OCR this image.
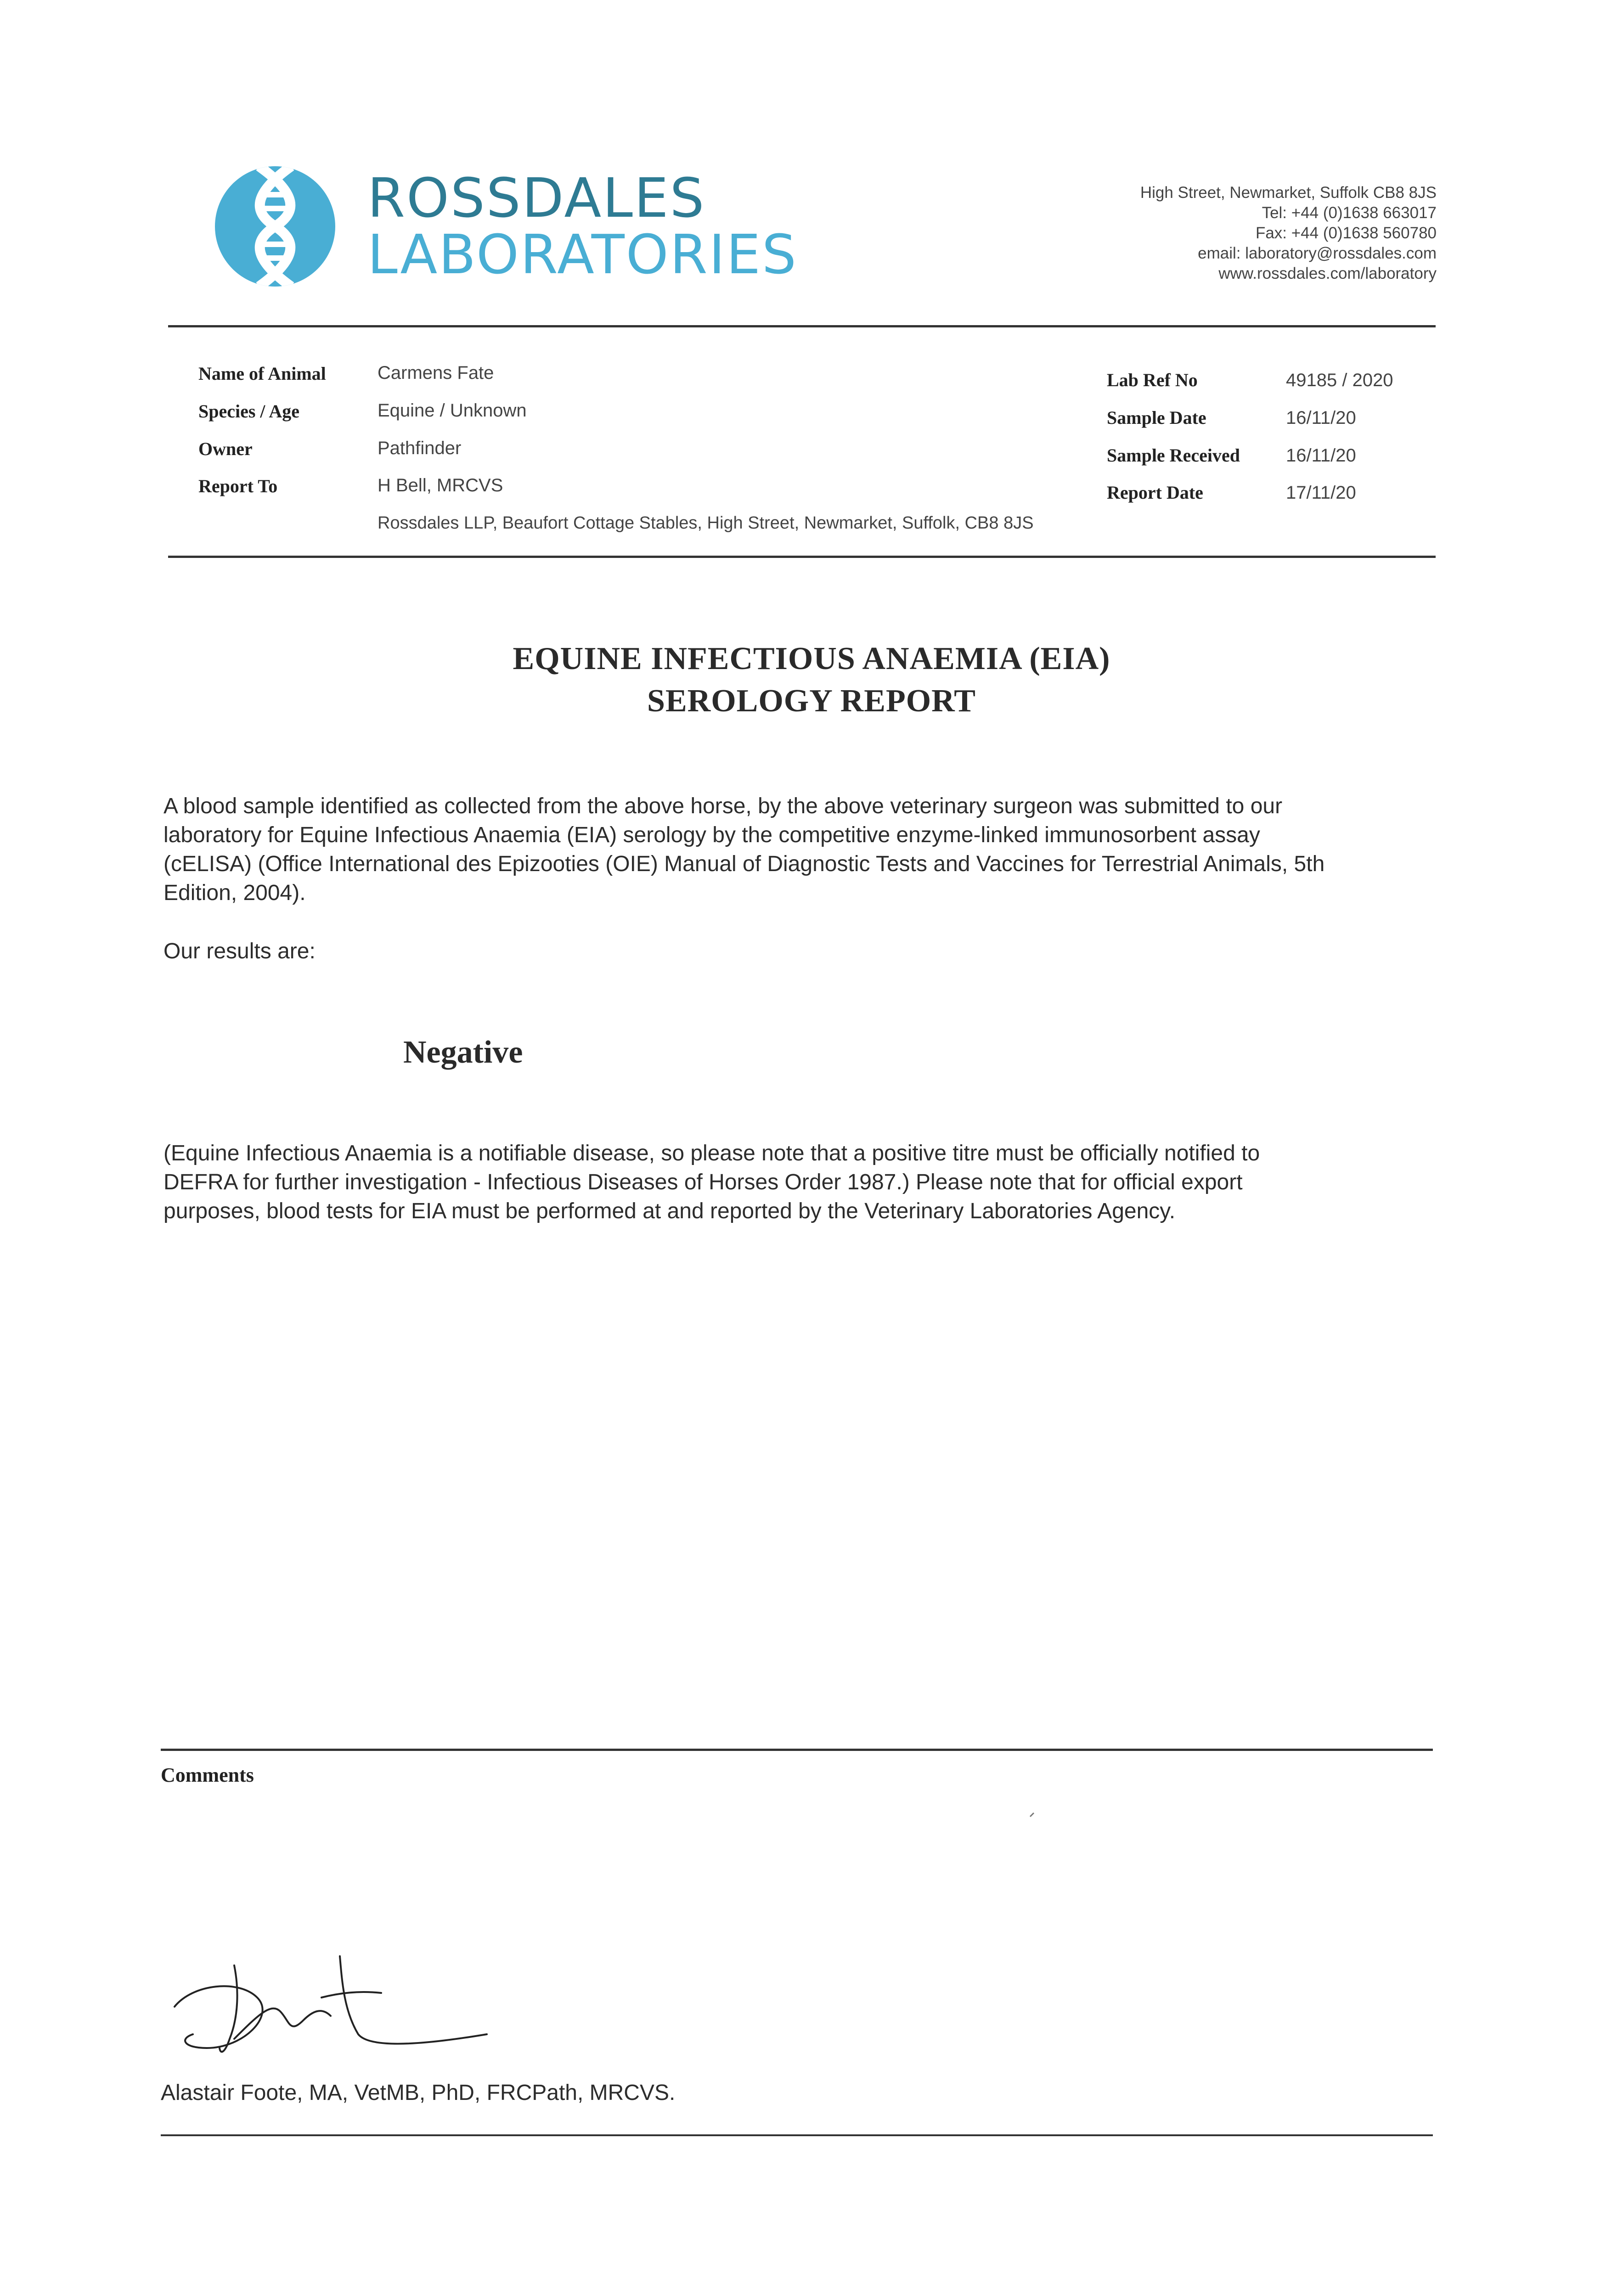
ROSSDALES
LABORATORIES
High Street, Newmarket, Suffolk CB8 8JS
Tel: +44 (0)1638 663017
Fax: +44 (0)1638 560780
email: laboratory@rossdales.com
www.rossdales.com/laboratory
Name of Animal	Carmens Fate
Species / Age	Equine / Unknown
Owner	Pathfinder
Report To	H Bell, MRCVS
Rossdales LLP, Beaufort Cottage Stables, High Street, Newmarket, Suffolk, CB8 8JS
Lab Ref No	49185 / 2020
Sample Date	16/11/20
Sample Received	16/11/20
Report Date	17/11/20
EQUINE INFECTIOUS ANAEMIA (EIA)
SEROLOGY REPORT
A blood sample identified as collected from the above horse, by the above veterinary surgeon was submitted to our
laboratory for Equine Infectious Anaemia (EIA) serology by the competitive enzyme-linked immunosorbent assay
(cELISA) (Office International des Epizooties (OIE) Manual of Diagnostic Tests and Vaccines for Terrestrial Animals, 5th
Edition, 2004).
Our results are:
Negative
(Equine Infectious Anaemia is a notifiable disease, so please note that a positive titre must be officially notified to
DEFRA for further investigation - Infectious Diseases of Horses Order 1987.) Please note that for official export
purposes, blood tests for EIA must be performed at and reported by the Veterinary Laboratories Agency.
Comments
Alastair Foote, MA, VetMB, PhD, FRCPath, MRCVS.
